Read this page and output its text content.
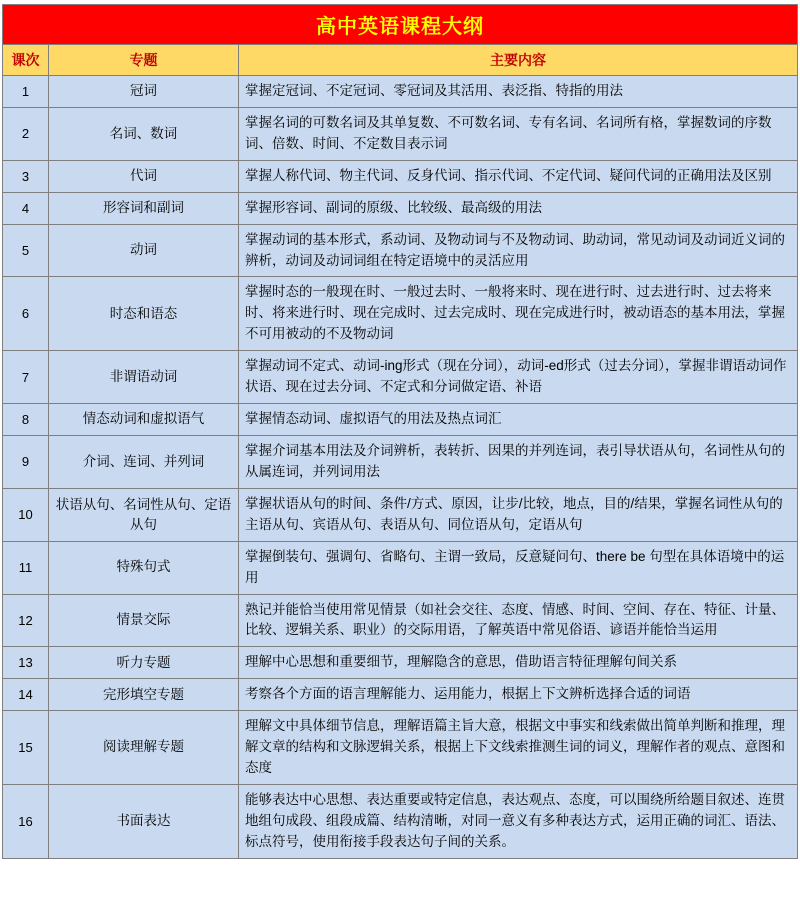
高中英语课程大纲		
课次	专题	主要内容
1	冠词	掌握定冠词、不定冠词、零冠词及其活用、表泛指、特指的用法
2	名词、数词	掌握名词的可数名词及其单复数、不可数名词、专有名词、名词所有格，掌握数词的序数词、倍数、时间、不定数目表示词
3	代词	掌握人称代词、物主代词、反身代词、指示代词、不定代词、疑问代词的正确用法及区别
4	形容词和副词	掌握形容词、副词的原级、比较级、最高级的用法
5	动词	掌握动词的基本形式，系动词、及物动词与不及物动词、助动词，常见动词及动词近义词的辨析，动词及动词词组在特定语境中的灵活应用
6	时态和语态	掌握时态的一般现在时、一般过去时、一般将来时、现在进行时、过去进行时、过去将来时、将来进行时、现在完成时、过去完成时、现在完成进行时，被动语态的基本用法，掌握不可用被动的不及物动词
7	非谓语动词	掌握动词不定式、动词-ing形式（现在分词），动词-ed形式（过去分词），掌握非谓语动词作状语、现在过去分词、不定式和分词做定语、补语
8	情态动词和虚拟语气	掌握情态动词、虚拟语气的用法及热点词汇
9	介词、连词、并列词	掌握介词基本用法及介词辨析，表转折、因果的并列连词，表引导状语从句，名词性从句的从属连词，并列词用法
10	状语从句、名词性从句、定语从句	掌握状语从句的时间、条件/方式、原因，让步/比较，地点，目的/结果，掌握名词性从句的主语从句、宾语从句、表语从句、同位语从句，定语从句
11	特殊句式	掌握倒装句、强调句、省略句、主谓一致局，反意疑问句、there be 句型在具体语境中的运用
12	情景交际	熟记并能恰当使用常见情景（如社会交往、态度、情感、时间、空间、存在、特征、计量、比较、逻辑关系、职业）的交际用语，了解英语中常见俗语、谚语并能恰当运用
13	听力专题	理解中心思想和重要细节，理解隐含的意思，借助语言特征理解句间关系
14	完形填空专题	考察各个方面的语言理解能力、运用能力，根据上下文辨析选择合适的词语
15	阅读理解专题	理解文中具体细节信息，理解语篇主旨大意，根据文中事实和线索做出简单判断和推理，理解文章的结构和文脉逻辑关系，根据上下文线索推测生词的词义，理解作者的观点、意图和态度
16	书面表达	能够表达中心思想、表达重要或特定信息，表达观点、态度，可以围绕所给题目叙述、连贯地组句成段、组段成篇、结构清晰，对同一意义有多种表达方式，运用正确的词汇、语法、标点符号，使用衔接手段表达句子间的关系。
